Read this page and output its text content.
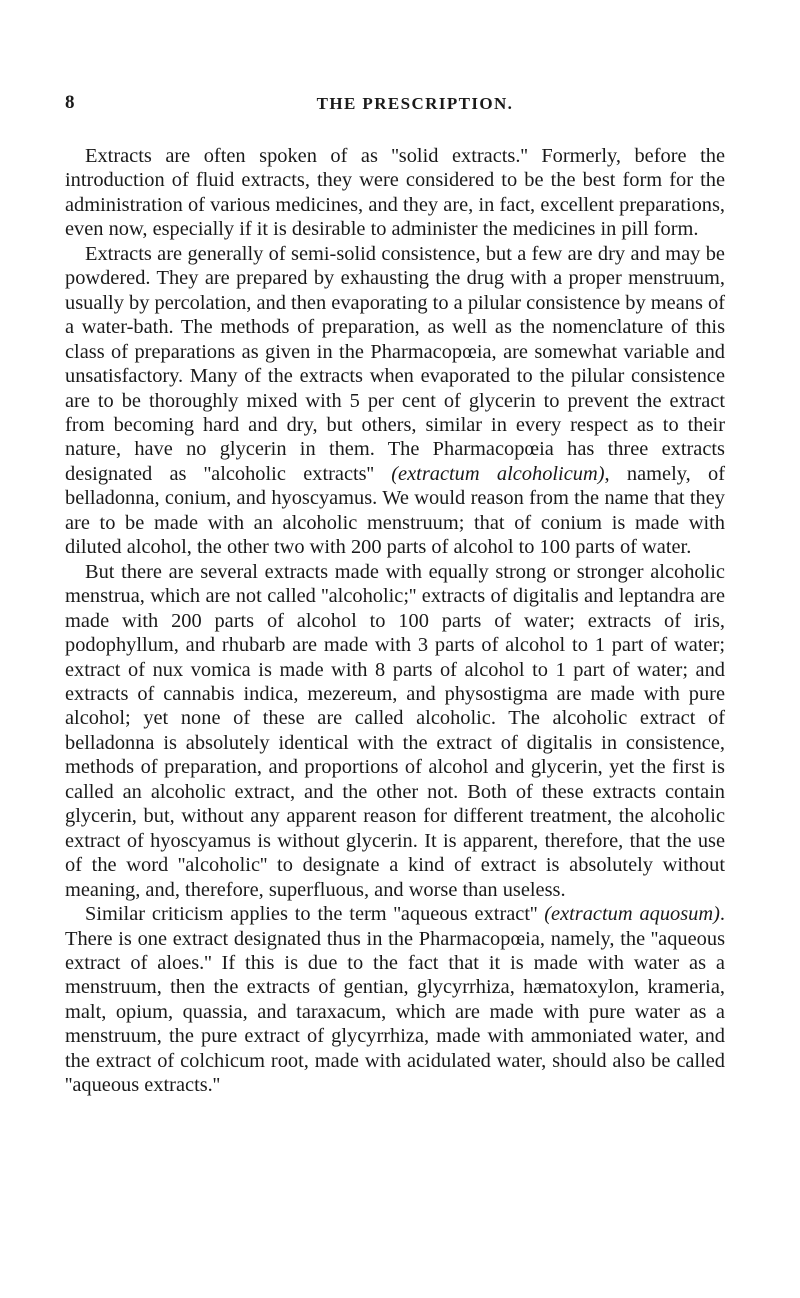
8	THE PRESCRIPTION.

Extracts are often spoken of as ''solid extracts.'' Formerly, before the introduction of fluid extracts, they were considered to be the best form for the administration of various medicines, and they are, in fact, excellent preparations, even now, especially if it is desirable to administer the medicines in pill form.

Extracts are generally of semi-solid consistence, but a few are dry and may be powdered. They are prepared by exhausting the drug with a proper menstruum, usually by percolation, and then evaporating to a pilular consistence by means of a water-bath. The methods of preparation, as well as the nomenclature of this class of preparations as given in the Pharmacopœia, are somewhat variable and unsatisfactory. Many of the extracts when evaporated to the pilular consistence are to be thoroughly mixed with 5 per cent of glycerin to prevent the extract from becoming hard and dry, but others, similar in every respect as to their nature, have no glycerin in them. The Pharmacopœia has three extracts designated as ''alcoholic extracts'' (extractum alcoholicum), namely, of belladonna, conium, and hyoscyamus. We would reason from the name that they are to be made with an alcoholic menstruum; that of conium is made with diluted alcohol, the other two with 200 parts of alcohol to 100 parts of water.

But there are several extracts made with equally strong or stronger alcoholic menstrua, which are not called ''alcoholic;'' extracts of digitalis and leptandra are made with 200 parts of alcohol to 100 parts of water; extracts of iris, podophyllum, and rhubarb are made with 3 parts of alcohol to 1 part of water; extract of nux vomica is made with 8 parts of alcohol to 1 part of water; and extracts of cannabis indica, mezereum, and physostigma are made with pure alcohol; yet none of these are called alcoholic. The alcoholic extract of belladonna is absolutely identical with the extract of digitalis in consistence, methods of preparation, and proportions of alcohol and glycerin, yet the first is called an alcoholic extract, and the other not. Both of these extracts contain glycerin, but, without any apparent reason for different treatment, the alcoholic extract of hyoscyamus is without glycerin. It is apparent, therefore, that the use of the word ''alcoholic'' to designate a kind of extract is absolutely without meaning, and, therefore, superfluous, and worse than useless.

Similar criticism applies to the term ''aqueous extract'' (extractum aquosum). There is one extract designated thus in the Pharmacopœia, namely, the ''aqueous extract of aloes.'' If this is due to the fact that it is made with water as a menstruum, then the extracts of gentian, glycyrrhiza, hæmatoxylon, krameria, malt, opium, quassia, and taraxacum, which are made with pure water as a menstruum, the pure extract of glycyrrhiza, made with ammoniated water, and the extract of colchicum root, made with acidulated water, should also be called ''aqueous extracts.''
